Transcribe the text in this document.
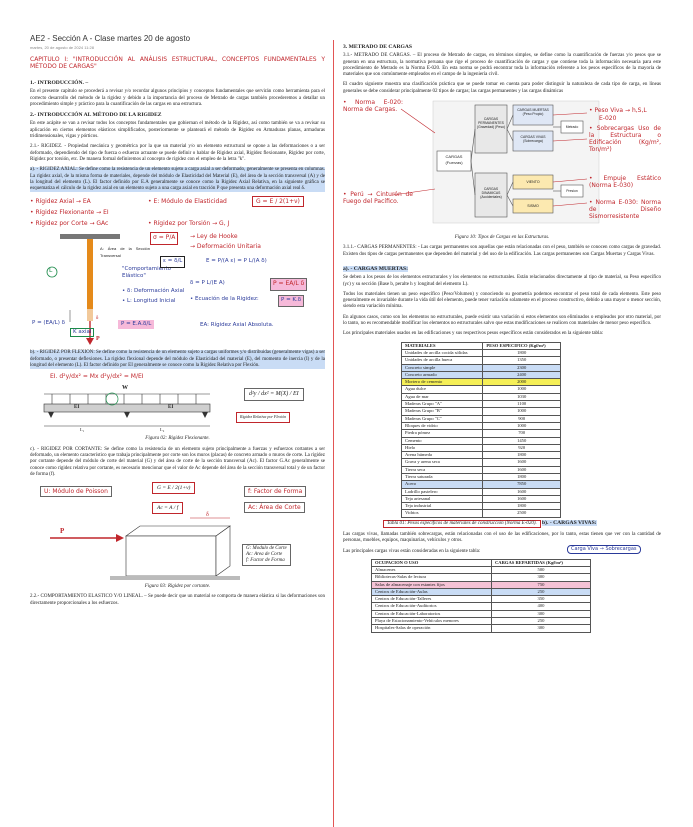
AE2 - Sección A - Clase martes 20 de agosto
martes, 20 de agosto de 2024 11:28
CAPITULO I: "INTRODUCCIÓN AL ANÁLISIS ESTRUCTURAL, CONCEPTOS FUNDAMENTALES Y MÉTODO DE CARGAS"
1.- INTRODUCCIÓN. –

En el presente capítulo se procederá a revisar y/o recordar algunos principios y conceptos fundamentales que servirán como herramienta para el correcto desarrollo del método de la rigidez y debido a la importancia del proceso de Metrado de cargas también procederemos a detallar un procedimiento simple y práctico para la cuantificación de las cargas en una estructura.

2.- INTRODUCCIÓN AL MÉTODO DE LA RIGIDEZ

En este acápite se van a revisar todos los conceptos fundamentales que gobiernan el método de la Rigidez, así como también se va a revisar su aplicación en ciertos elementos elásticos simplificados, posteriormente se planteará el método de Rigidez en Armaduras planas, armaduras tridimensionales, vigas y pórticos.

2.1.- RIGIDEZ. - Propiedad mecánica y geométrica por la que un material y/o un elemento estructural se opone a las deformaciones o a ser deformado, dependiendo del tipo de fuerza o esfuerzo actuante se puede definir o hablar de Rigidez axial, Rigidez flexionante, Rigidez por corte, Rigidez por torsión, etc. De manera formal definiremos al concepto de rigidez con el empleo de la letra "k".

a). - RIGIDEZ AXIAL: Se define como la resistencia de un elemento sujeto a carga axial a ser deformado, generalmente se presenta en columnas. La rigidez axial, de la misma forma de materiales, depende del módulo de Elasticidad del Material (E), del área de la sección transversal (A) y de la longitud del elemento (L). El factor definido por E.A generalmente se conoce como la Rigidez Axial Relativa, en la siguiente gráfica se esquematiza el cálculo de la rigidez axial en un elemento sujeto a una carga axial en tracción P que presenta una deformación axial real δ.

• Rígidez Axial → EA	• E: Módulo de Elasticidad	G = E / 2(1+ν)
• Rígidez Flexionante → EI
• Rígidez por Corte → GAc	• Rígidez por Torsión → G, J
L
δ
P
A: Área de la Sección Transversal
σ = P/A	→ Ley de Hooke
→ Deformación Unitaria
"Comportamiento Elástico"
ε = δ/L	E = P/(A ε) = P L/(A δ)
• δ: Deformación Axial
• L: Longitud Inicial
δ = P L/(E A)	P = EA/L δ
• Ecuación de la Rigidez:	P = K.δ
P = (EA/L) δ
K axial
P = E.A.δ/L	EA: Rígidez Axial Absoluta.

b). - RIGIDEZ POR FLEXION: Se define como la resistencia de un elemento sujeto a cargas uniformes y/o distribuidas (generalmente vigas) a ser deformado, o presentar deflexiones. La rigidez flexional depende del módulo de Elasticidad del material (E), del momento de inercia (I) y de la longitud del elemento (L). El factor definido por EI generalmente se conoce como la Rigidez Relativa por Flexión.

EI. d²y/dx² = Mx d²y/dx² = M/EI
W
EI	EI
L₁	L₂
d²y / dx² = M(X) / EI
Rigidez Relativa por Flexión
Figura 02: Rigidez Flexionante.

c). - RIGIDEZ POR CORTANTE: Se define como la resistencia de un elemento sujeto principalmente a fuerzas y esfuerzos cortantes a ser deformado, un elemento característico que trabaja principalmente por corte son los muros (placas) de concreto armado o muros de corte. La rigidez por cortante depende del módulo de corte del material (G) y del área de corte de la sección transversal (Ac). El factor G.Ac generalmente se conoce como rigidez relativa por cortante, es necesario mencionar que el valor de Ac depende del área de la sección transversal total y de un factor de forma (f).

U: Módulo de Poisson	G = E / 2(1+ν)
Ac = A / f
f: Factor de Forma
Ac: Área de Corte
P
δ
G: Modulo de Corte
Ac: Area de Corte
f: Factor de Forma
Figura 03: Rigidez por cortante.

2.2.- COMPORTAMIENTO ELASTICO Y/O LINEAL. – Se puede decir que un material se comporta de manera elástica si las deformaciones son directamente proporcionales a los esfuerzos.

3. METRADO DE CARGAS

3.1.- METRADO DE CARGAS. – El proceso de Metrado de cargas, en términos simples, se define como la cuantificación de fuerzas y/o pesos que se generan en una estructura, la normativa peruana que rige el proceso de cuantificación de cargas y que contiene toda la información necesaria para este procedimiento de Metrado es la Norma E-020. En esta norma se podrá encontrar toda la información referente a los pesos específicos de la mayoría de materiales que son comúnmente empleados en el campo de la ingeniería civil.

El cuadro siguiente muestra una clasificación práctica que se puede tomar en cuenta para poder distinguir la naturaleza de cada tipo de carga, en líneas generales se debe considerar principalmente 02 tipos de cargas; las cargas permanentes y las cargas dinámicas

• Norma E-020: Norma de Cargas.
• Perú → Cinturón de Fuego del Pacífico.
CARGAS (Fuerzas)
CARGAS PERMANENTES (Gravedad) (Peso)
CARGAS DINAMICAS (Accidentales)
CARGAS MUERTAS (Peso Propio)
CARGAS VIVAS (Sobrecarga)
VIENTO
SISMO
Metrado
Presion
• Peso Viva → h,S,L
E-020
• Sobrecargas Uso de la Estructura o Edificación (Kg/m², Ton/m²)
• Empuje Estático (Norma E-030)
• Norma E-030: Norma de Diseño Sismorresistente
Figura 10: Tipos de Cargas en las Estructuras.

3.1.1.- CARGAS PERMANENTES: - Las cargas permanentes son aquellas que están relacionadas con el peso, también se conocen como cargas de gravedad. Existen dos tipos de cargas permanentes que dependen del material y del uso de la edificación. Las cargas permanentes son Cargas Muertas y Cargas Vivas.

a). - CARGAS MUERTAS:

Se deben a los pesos de los elementos estructurales y los elementos no estructurales. Están relacionados directamente al tipo de material, su Peso específico (γc) y su sección (Base b, peralte h y longitud del elemento L).

Todos los materiales tienen un peso específico (Peso/Volumen) y conociendo su geometría podemos encontrar el peso total de cada elemento. Este peso generalmente es invariable durante la vida útil del elemento, puede tener variación solamente en el proceso constructivo, debido a una mayor o menor sección, siendo esta variación mínima.

En algunos casos, como son los elementos no estructurales, puede existir una variación si estos elementos son eliminados o empleados por otro material, por lo tanto, no es recomendable modificar los elementos no estructurales salvo que estas modificaciones se realicen con materiales de menor peso específico.

Los principales materiales usados en las edificaciones y sus respectivos pesos específicos están considerados en la siguiente tabla:

MATERIALES	PESO ESPECIFICO (Kgf/m³)
Unidades de arcilla cocida sólidas	1800
Unidades de arcilla hueca	1350
Concreto simple	2300
Concreto armado	2400
Mortero de cemento	2000
Agua dulce	1000
Agua de mar	1030
Maderas Grupo "A"	1100
Maderas Grupo "B"	1000
Maderas Grupo "C"	900
Bloques de vidrio	1000
Piedra pómez	700
Cemento	1450
Hielo	920
Arena húmeda	1800
Grava y arena seca	1600
Tierra seca	1600
Tierra saturada	1800
Acero	7850
Ladrillo pastelero	1600
Teja artesanal	1600
Teja industrial	1800
Vidrios	2500
Tabla 01: Pesos específicos de materiales de construcción (Norma E-020). b). - CARGAS VIVAS:

Las cargas vivas, llamadas también sobrecargas, están relacionadas con el uso de las edificaciones, por lo tanto, estas tienen que ver con la cantidad de personas, muebles, equipos, maquinarias, vehículos y otros.

Las principales cargas vivas están consideradas en la siguiente tabla:	Carga Viva → Sobrecargas
OCUPACION O USO	CARGAS REPARTIDAS (Kgf/m²)
Almacenes	500
Bibliotecas-Salas de lectura	300
Salas de almacenaje con estantes fijos	750
Centros de Educación-Aulas	250
Centros de Educación-Talleres	350
Centros de Educación-Auditorios	400
Centros de Educación-Laboratorios	300
Playa de Estacionamiento-Vehículos menores	250
Hospitales-Salas de operación	300
